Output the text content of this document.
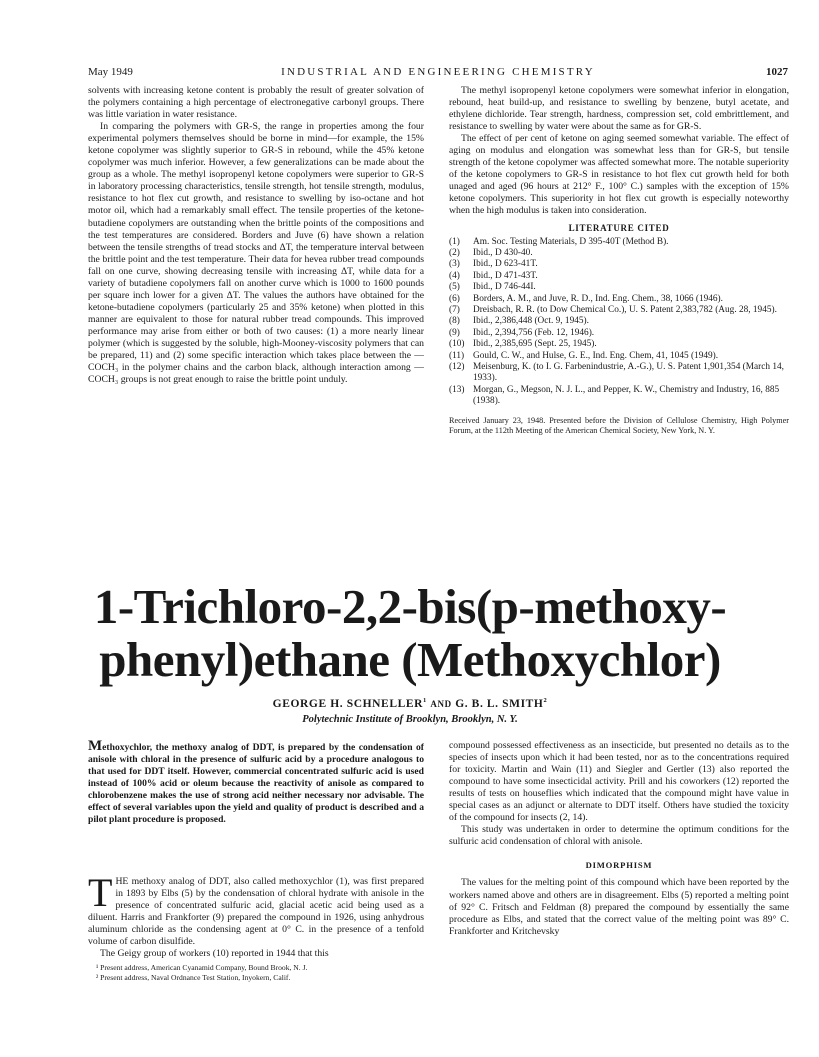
May 1949	INDUSTRIAL AND ENGINEERING CHEMISTRY	1027

solvents with increasing ketone content is probably the result of greater solvation of the polymers containing a high percentage of electronegative carbonyl groups. There was little variation in water resistance.

In comparing the polymers with GR-S, the range in properties among the four experimental polymers themselves should be borne in mind—for example, the 15% ketone copolymer was slightly superior to GR-S in rebound, while the 45% ketone copolymer was much inferior. However, a few generalizations can be made about the group as a whole. The methyl isopropenyl ketone copolymers were superior to GR-S in laboratory processing characteristics, tensile strength, hot tensile strength, modulus, resistance to hot flex cut growth, and resistance to swelling by iso-octane and hot motor oil, which had a remarkably small effect. The tensile properties of the ketone-butadiene copolymers are outstanding when the brittle points of the compositions and the test temperatures are considered. Borders and Juve (6) have shown a relation between the tensile strengths of tread stocks and ΔT, the temperature interval between the brittle point and the test temperature. Their data for hevea rubber tread compounds fall on one curve, showing decreasing tensile with increasing ΔT, while data for a variety of butadiene copolymers fall on another curve which is 1000 to 1600 pounds per square inch lower for a given ΔT. The values the authors have obtained for the ketone-butadiene copolymers (particularly 25 and 35% ketone) when plotted in this manner are equivalent to those for natural rubber tread compounds. This improved performance may arise from either or both of two causes: (1) a more nearly linear polymer (which is suggested by the soluble, high-Mooney-viscosity polymers that can be prepared, 11) and (2) some specific interaction which takes place between the —COCH₃ in the polymer chains and the carbon black, although interaction among —COCH₃ groups is not great enough to raise the brittle point unduly.

The methyl isopropenyl ketone copolymers were somewhat inferior in elongation, rebound, heat build-up, and resistance to swelling by benzene, butyl acetate, and ethylene dichloride. Tear strength, hardness, compression set, cold embrittlement, and resistance to swelling by water were about the same as for GR-S.

The effect of per cent of ketone on aging seemed somewhat variable. The effect of aging on modulus and elongation was somewhat less than for GR-S, but tensile strength of the ketone copolymer was affected somewhat more. The notable superiority of the ketone copolymers to GR-S in resistance to hot flex cut growth held for both unaged and aged (96 hours at 212° F., 100° C.) samples with the exception of 15% ketone copolymers. This superiority in hot flex cut growth is especially noteworthy when the high modulus is taken into consideration.

LITERATURE CITED
(1) Am. Soc. Testing Materials, D 395-40T (Method B).
(2) Ibid., D 430-40.
(3) Ibid., D 623-41T.
(4) Ibid., D 471-43T.
(5) Ibid., D 746-44I.
(6) Borders, A. M., and Juve, R. D., Ind. Eng. Chem., 38, 1066 (1946).
(7) Dreisbach, R. R. (to Dow Chemical Co.), U. S. Patent 2,383,782 (Aug. 28, 1945).
(8) Ibid., 2,386,448 (Oct. 9, 1945).
(9) Ibid., 2,394,756 (Feb. 12, 1946).
(10) Ibid., 2,385,695 (Sept. 25, 1945).
(11) Gould, C. W., and Hulse, G. E., Ind. Eng. Chem, 41, 1045 (1949).
(12) Meisenburg, K. (to I. G. Farbenindustrie, A.-G.), U. S. Patent 1,901,354 (March 14, 1933).
(13) Morgan, G., Megson, N. J. L., and Pepper, K. W., Chemistry and Industry, 16, 885 (1938).
Received January 23, 1948. Presented before the Division of Cellulose Chemistry, High Polymer Forum, at the 112th Meeting of the American Chemical Society, New York, N. Y.
1-Trichloro-2,2-bis(p-methoxy-
phenyl)ethane (Methoxychlor)
GEORGE H. SCHNELLER$^1$ AND G. B. L. SMITH$^2$
Polytechnic Institute of Brooklyn, Brooklyn, N. Y.
Methoxychlor, the methoxy analog of DDT, is prepared by the condensation of anisole with chloral in the presence of sulfuric acid by a procedure analogous to that used for DDT itself. However, commercial concentrated sulfuric acid is used instead of 100% acid or oleum because the reactivity of anisole as compared to chlorobenzene makes the use of strong acid neither necessary nor advisable. The effect of several variables upon the yield and quality of product is described and a pilot plant procedure is proposed.

THE methoxy analog of DDT, also called methoxychlor (1), was first prepared in 1893 by Elbs (5) by the condensation of chloral hydrate with anisole in the presence of concentrated sulfuric acid, glacial acetic acid being used as a diluent. Harris and Frankforter (9) prepared the compound in 1926, using anhydrous aluminum chloride as the condensing agent at 0° C. in the presence of a tenfold volume of carbon disulfide.

The Geigy group of workers (10) reported in 1944 that this

¹ Present address, American Cyanamid Company, Bound Brook, N. J.
² Present address, Naval Ordnance Test Station, Inyokern, Calif.

compound possessed effectiveness as an insecticide, but presented no details as to the species of insects upon which it had been tested, nor as to the concentrations required for toxicity. Martin and Wain (11) and Siegler and Gertler (13) also reported the compound to have some insecticidal activity. Prill and his coworkers (12) reported the results of tests on houseflies which indicated that the compound might have value in special cases as an adjunct or alternate to DDT itself. Others have studied the toxicity of the compound for insects (2, 14).

This study was undertaken in order to determine the optimum conditions for the sulfuric acid condensation of chloral with anisole.

DIMORPHISM

The values for the melting point of this compound which have been reported by the workers named above and others are in disagreement. Elbs (5) reported a melting point of 92° C. Fritsch and Feldman (8) prepared the compound by essentially the same procedure as Elbs, and stated that the correct value of the melting point was 89° C. Frankforter and Kritchevsky
